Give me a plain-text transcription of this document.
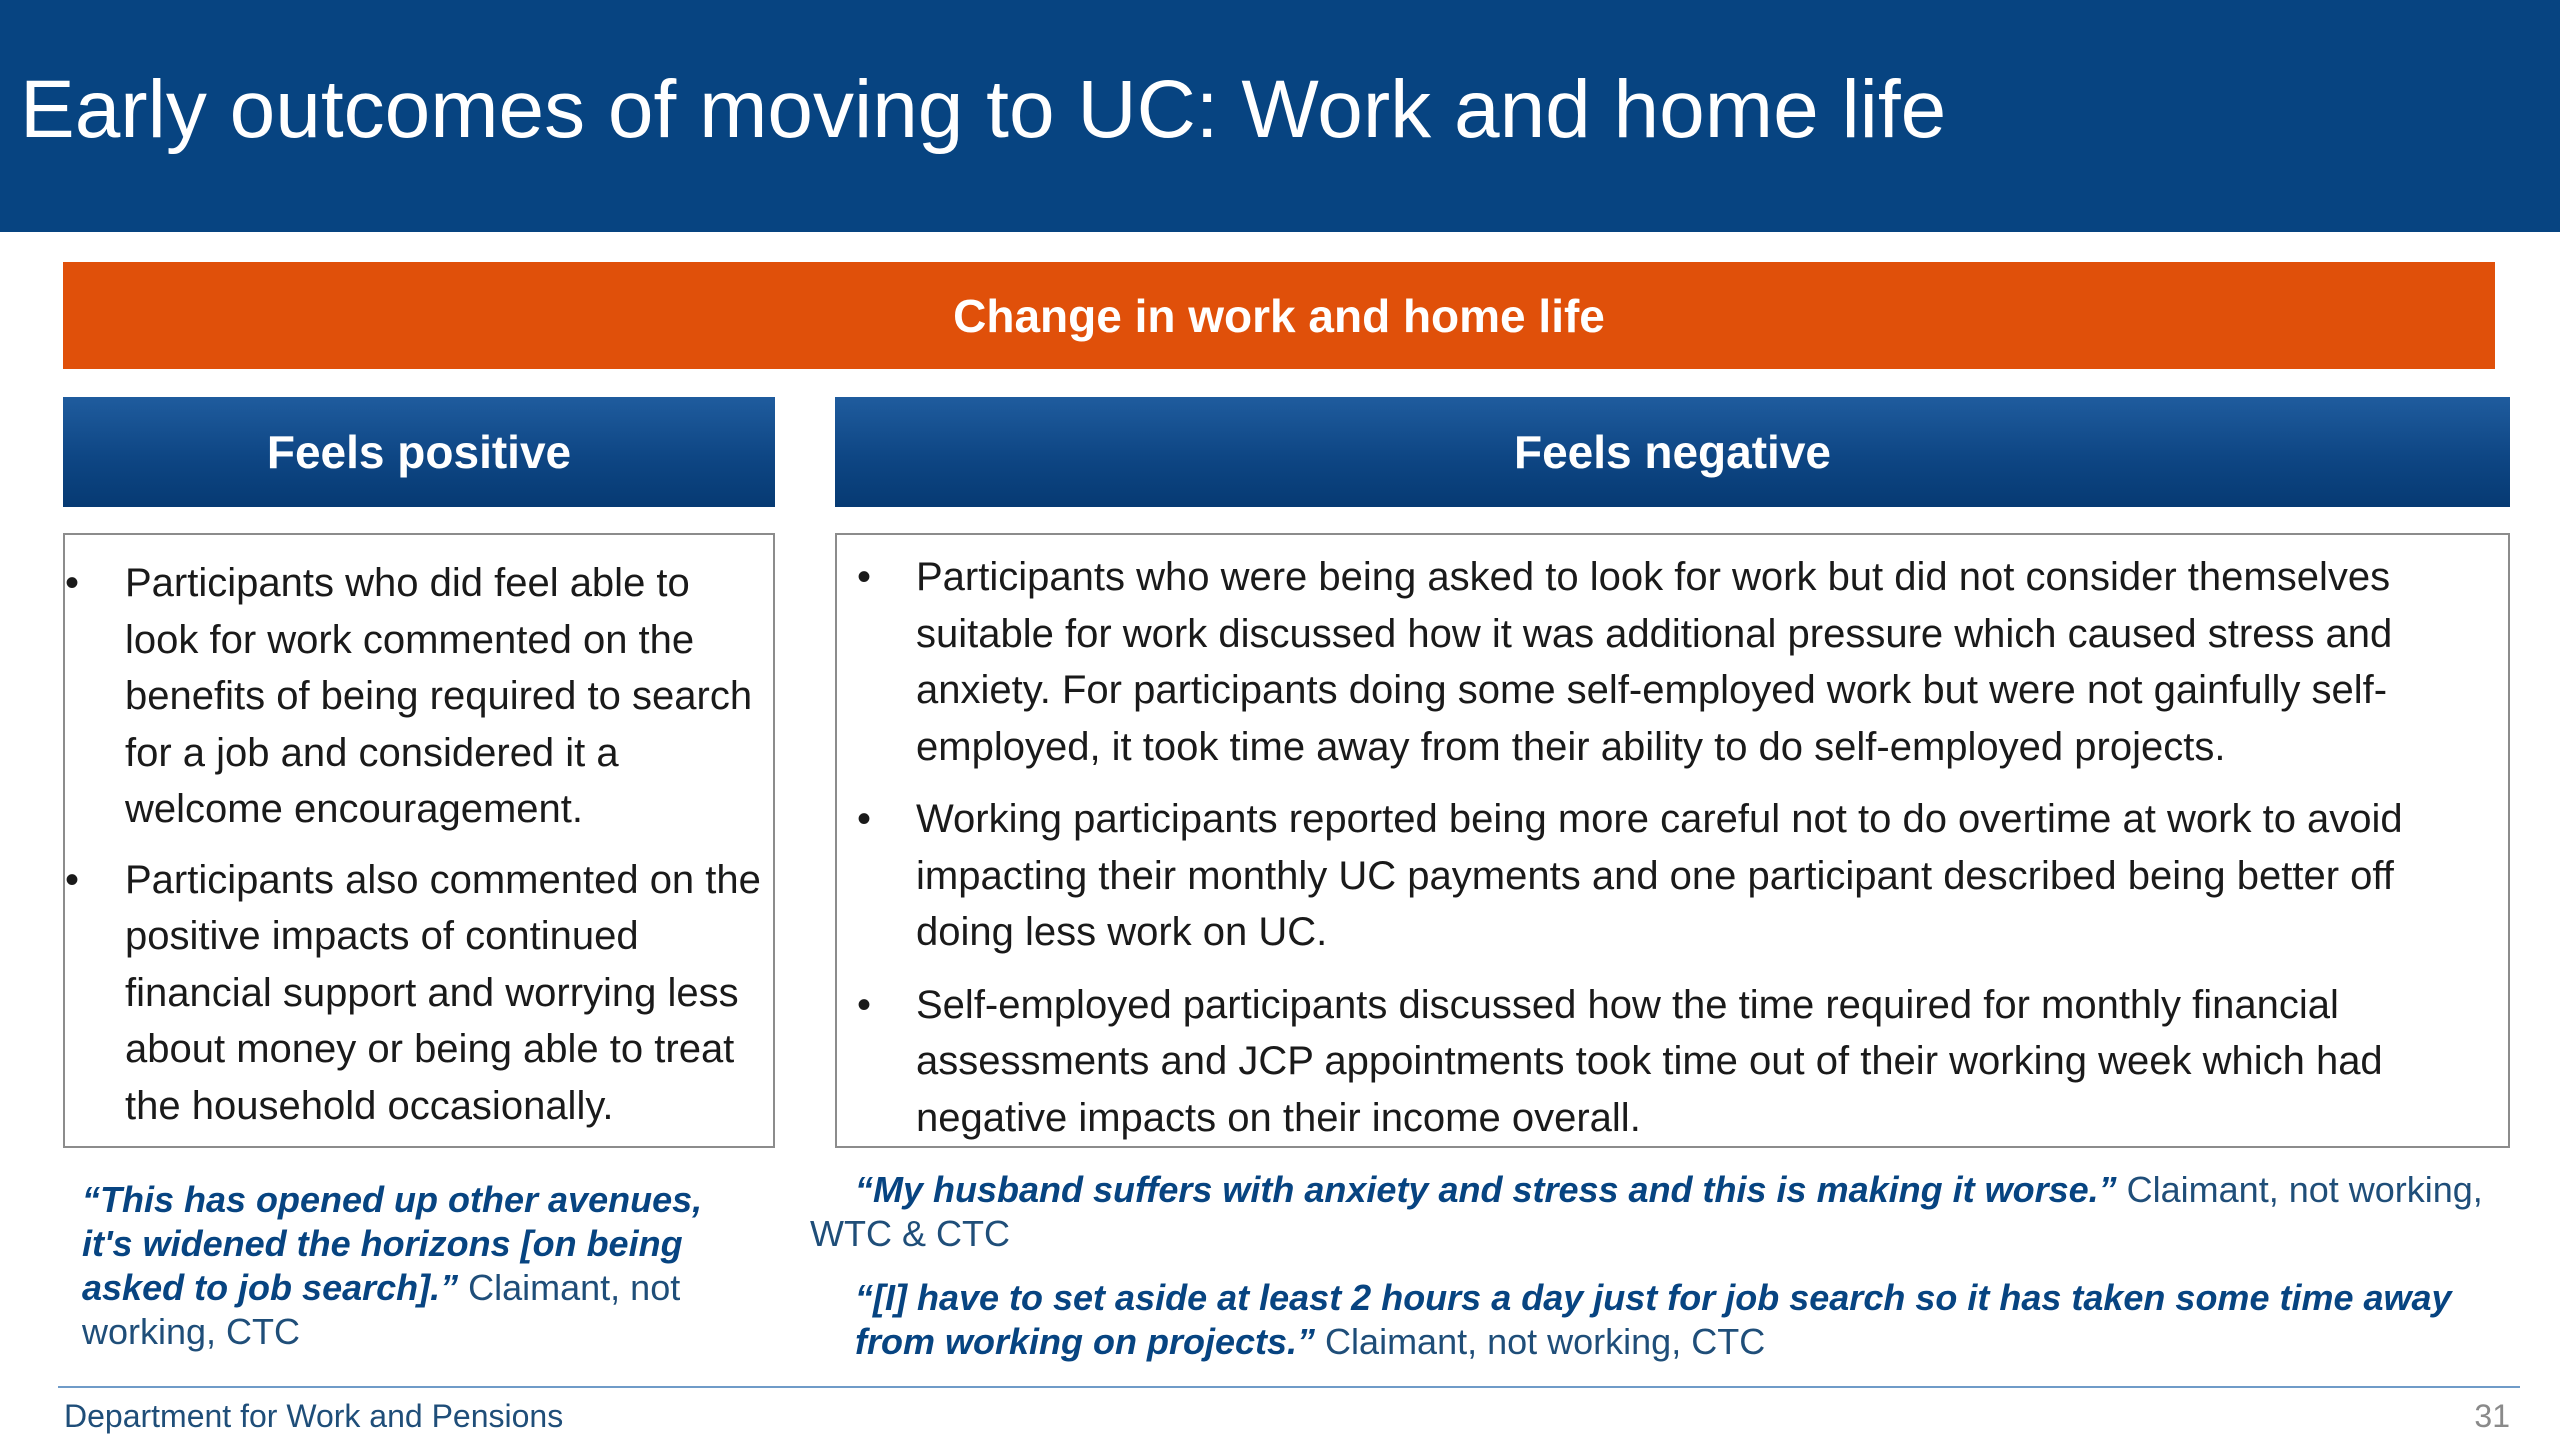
Early outcomes of moving to UC: Work and home life
Change in work and home life
Feels positive	Feels negative
• Participants who did feel able to look for work commented on the benefits of being required to search for a job and considered it a welcome encouragement.
• Participants also commented on the positive impacts of continued financial support and worrying less about money or being able to treat the household occasionally.
• Participants who were being asked to look for work but did not consider themselves suitable for work discussed how it was additional pressure which caused stress and anxiety. For participants doing some self-employed work but were not gainfully self-employed, it took time away from their ability to do self-employed projects.
• Working participants reported being more careful not to do overtime at work to avoid impacting their monthly UC payments and one participant described being better off doing less work on UC.
• Self-employed participants discussed how the time required for monthly financial assessments and JCP appointments took time out of their working week which had negative impacts on their income overall.

“This has opened up other avenues, it's widened the horizons [on being asked to job search].” Claimant, not working, CTC

“My husband suffers with anxiety and stress and this is making it worse.” Claimant, not working, WTC & CTC

“[I] have to set aside at least 2 hours a day just for job search so it has taken some time away from working on projects.” Claimant, not working, CTC

Department for Work and Pensions	31
